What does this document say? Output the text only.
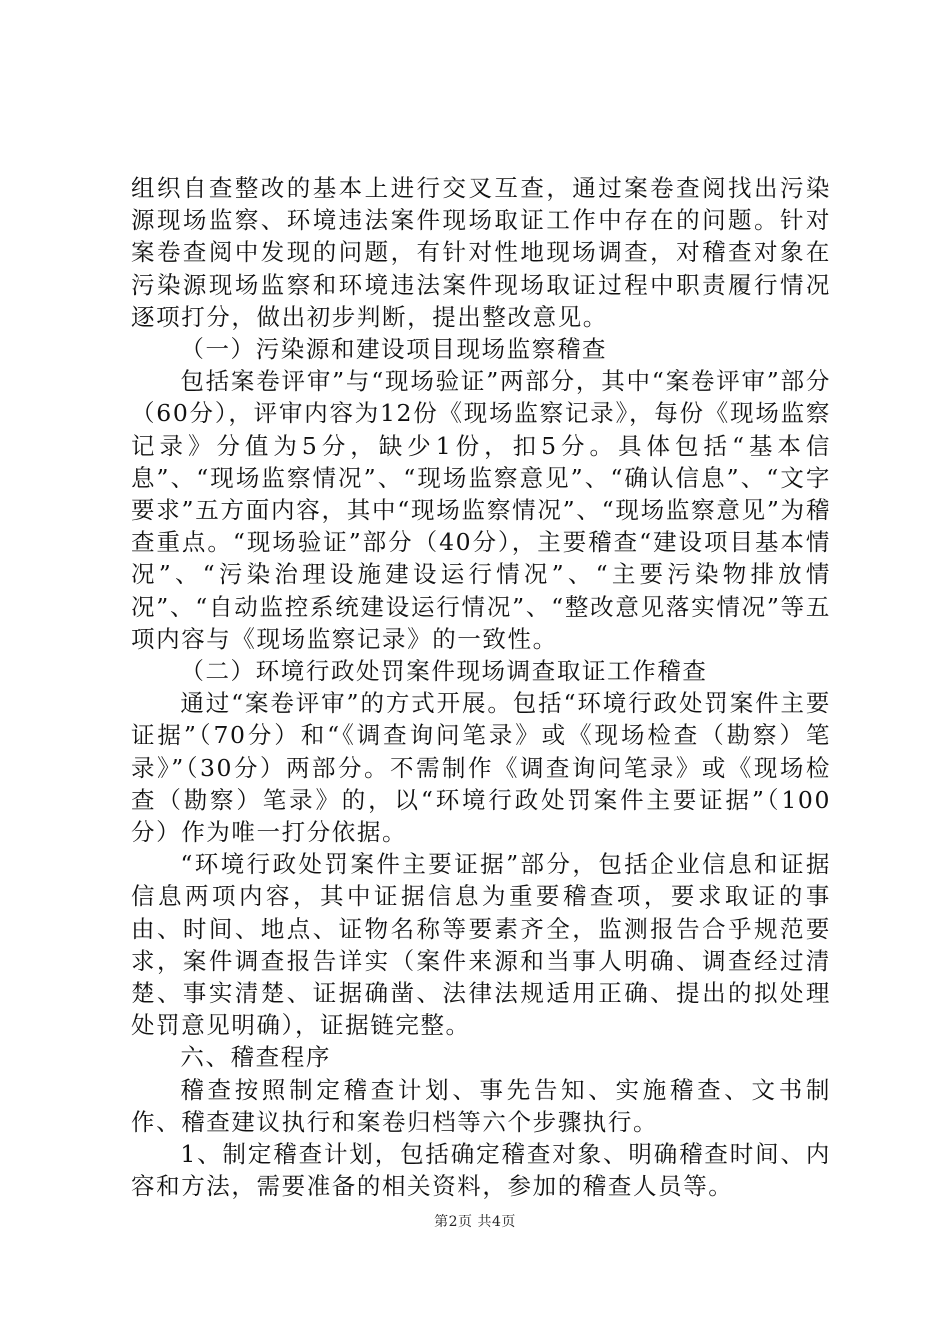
组织自查整改的基本上进行交叉互查，通过案卷查阅找出污染源现场监察、环境违法案件现场取证工作中存在的问题。针对案卷查阅中发现的问题，有针对性地现场调查，对稽查对象在污染源现场监察和环境违法案件现场取证过程中职责履行情况逐项打分，做出初步判断，提出整改意见。

（一）污染源和建设项目现场监察稽查

包括案卷评审”与“现场验证”两部分，其中“案卷评审”部分（60分），评审内容为12份《现场监察记录》，每份《现场监察记录》分值为5分，缺少1份，扣5分。具体包括“基本信息”、“现场监察情况”、“现场监察意见”、“确认信息”、“文字要求”五方面内容，其中“现场监察情况”、“现场监察意见”为稽查重点。“现场验证”部分（40分），主要稽查“建设项目基本情况”、“污染治理设施建设运行情况”、“主要污染物排放情况”、“自动监控系统建设运行情况”、“整改意见落实情况”等五项内容与《现场监察记录》的一致性。

（二）环境行政处罚案件现场调查取证工作稽查

通过“案卷评审”的方式开展。包括“环境行政处罚案件主要证据”（70分）和“《调查询问笔录》或《现场检查（勘察）笔录》”（30分）两部分。不需制作《调查询问笔录》或《现场检查（勘察）笔录》的，以“环境行政处罚案件主要证据”（100分）作为唯一打分依据。

“环境行政处罚案件主要证据”部分，包括企业信息和证据信息两项内容，其中证据信息为重要稽查项，要求取证的事由、时间、地点、证物名称等要素齐全，监测报告合乎规范要求，案件调查报告详实（案件来源和当事人明确、调查经过清楚、事实清楚、证据确凿、法律法规适用正确、提出的拟处理处罚意见明确），证据链完整。

六、稽查程序

稽查按照制定稽查计划、事先告知、实施稽查、文书制作、稽查建议执行和案卷归档等六个步骤执行。

1、制定稽查计划，包括确定稽查对象、明确稽查时间、内容和方法，需要准备的相关资料，参加的稽查人员等。

第2页 共4页
